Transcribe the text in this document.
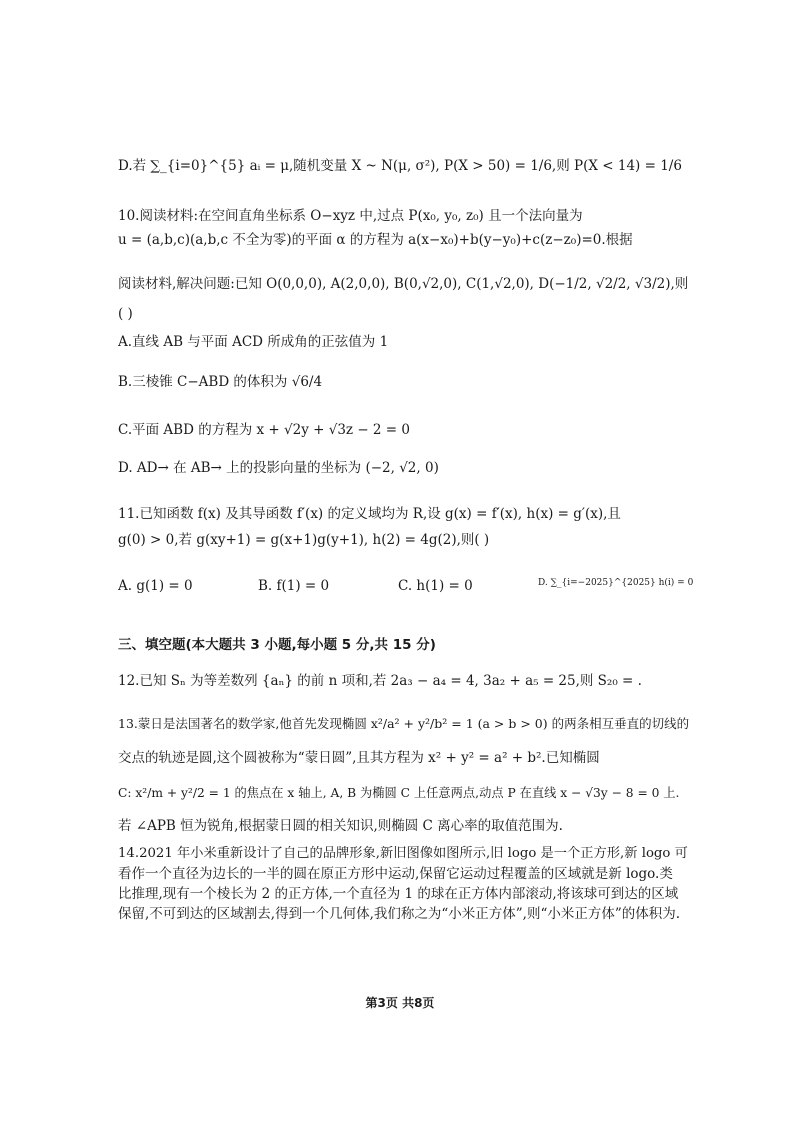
D.若 ∑_{i=0}^{5} aᵢ = μ,随机变量 X ~ N(μ, σ²), P(X > 50) = 1/6,则 P(X < 14) = 1/6
10.阅读材料:在空间直角坐标系 O−xyz 中,过点 P(x₀, y₀, z₀) 且一个法向量为
u = (a,b,c)(a,b,c 不全为零)的平面 α 的方程为 a(x−x₀)+b(y−y₀)+c(z−z₀)=0.根据
阅读材料,解决问题:已知 O(0,0,0), A(2,0,0), B(0,√2,0), C(1,√2,0), D(−1/2, √2/2, √3/2),则
( )
A.直线 AB 与平面 ACD 所成角的正弦值为 1
B.三棱锥 C−ABD 的体积为 √6/4
C.平面 ABD 的方程为 x + √2y + √3z − 2 = 0
D. AD→ 在 AB→ 上的投影向量的坐标为 (−2, √2, 0)
11.已知函数 f(x) 及其导函数 f′(x) 的定义域均为 R,设 g(x) = f′(x), h(x) = g′(x),且
g(0) > 0,若 g(xy+1) = g(x+1)g(y+1), h(2) = 4g(2),则( )
A. g(1) = 0	B. f(1) = 0	C. h(1) = 0	D. ∑_{i=−2025}^{2025} h(i) = 0
三、填空题(本大题共 3 小题,每小题 5 分,共 15 分)
12.已知 Sₙ 为等差数列 {aₙ} 的前 n 项和,若 2a₃ − a₄ = 4, 3a₂ + a₅ = 25,则 S₂₀ = .
13.蒙日是法国著名的数学家,他首先发现椭圆 x²/a² + y²/b² = 1 (a > b > 0) 的两条相互垂直的切线的
交点的轨迹是圆,这个圆被称为“蒙日圆”,且其方程为 x² + y² = a² + b².已知椭圆
C: x²/m + y²/2 = 1 的焦点在 x 轴上, A, B 为椭圆 C 上任意两点,动点 P 在直线 x − √3y − 8 = 0 上.
若 ∠APB 恒为锐角,根据蒙日圆的相关知识,则椭圆 C 离心率的取值范围为.
14.2021 年小米重新设计了自己的品牌形象,新旧图像如图所示,旧 logo 是一个正方形,新 logo 可
看作一个直径为边长的一半的圆在原正方形中运动,保留它运动过程覆盖的区域就是新 logo.类
比推理,现有一个棱长为 2 的正方体,一个直径为 1 的球在正方体内部滚动,将该球可到达的区域
保留,不可到达的区域割去,得到一个几何体,我们称之为“小米正方体”,则“小米正方体”的体积为.
第3页 共8页
